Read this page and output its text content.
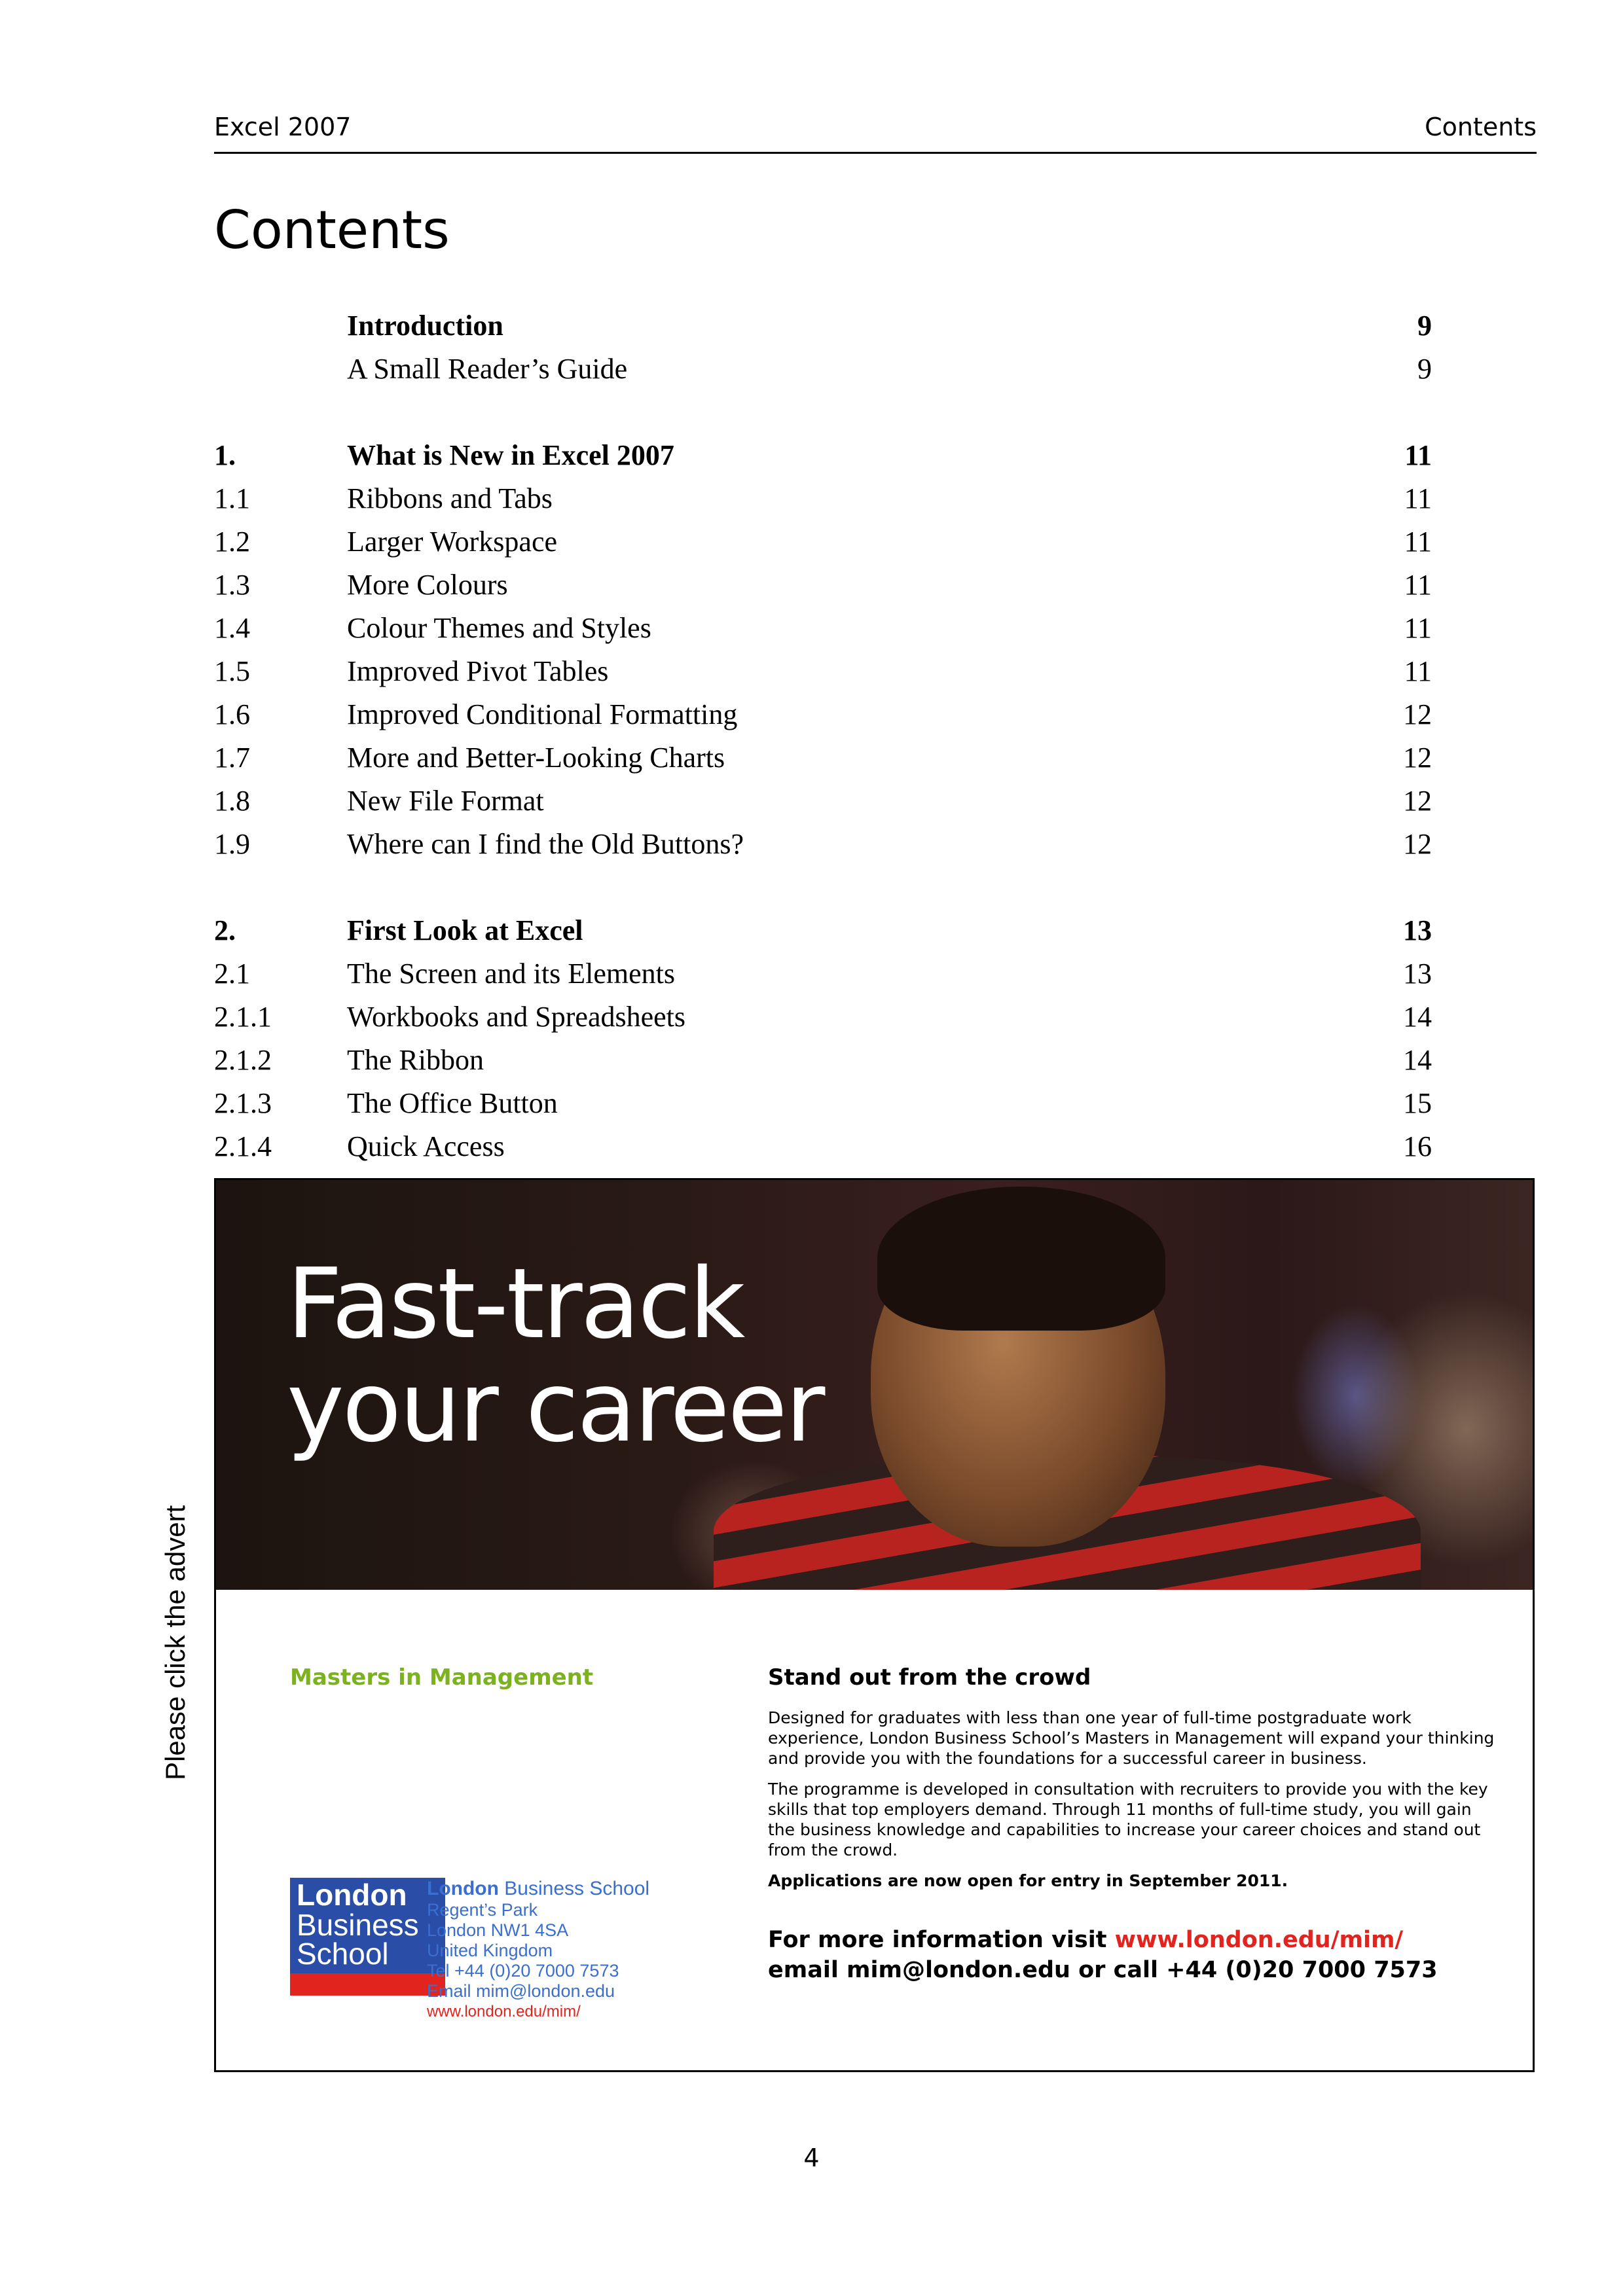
Excel 2007	Contents
Contents
Introduction	9
A Small Reader’s Guide	9
1.	What is New in Excel 2007	11
1.1	Ribbons and Tabs	11
1.2	Larger Workspace	11
1.3	More Colours	11
1.4	Colour Themes and Styles	11
1.5	Improved Pivot Tables	11
1.6	Improved Conditional Formatting	12
1.7	More and Better-Looking Charts	12
1.8	New File Format	12
1.9	Where can I find the Old Buttons?	12
2.	First Look at Excel	13
2.1	The Screen and its Elements	13
2.1.1	Workbooks and Spreadsheets	14
2.1.2	The Ribbon	14
2.1.3	The Office Button	15
2.1.4	Quick Access	16
Fast-track
your career
Masters in Management
London
Business
School
London Business School
Regent’s Park
London NW1 4SA
United Kingdom
Tel +44 (0)20 7000 7573
Email mim@london.edu
www.london.edu/mim/
Stand out from the crowd

Designed for graduates with less than one year of full-time postgraduate work experience, London Business School’s Masters in Management will expand your thinking and provide you with the foundations for a successful career in business.

The programme is developed in consultation with recruiters to provide you with the key skills that top employers demand. Through 11 months of full-time study, you will gain the business knowledge and capabilities to increase your career choices and stand out from the crowd.

Applications are now open for entry in September 2011.

For more information visit www.london.edu/mim/
email mim@london.edu or call +44 (0)20 7000 7573
Please click the advert
4
